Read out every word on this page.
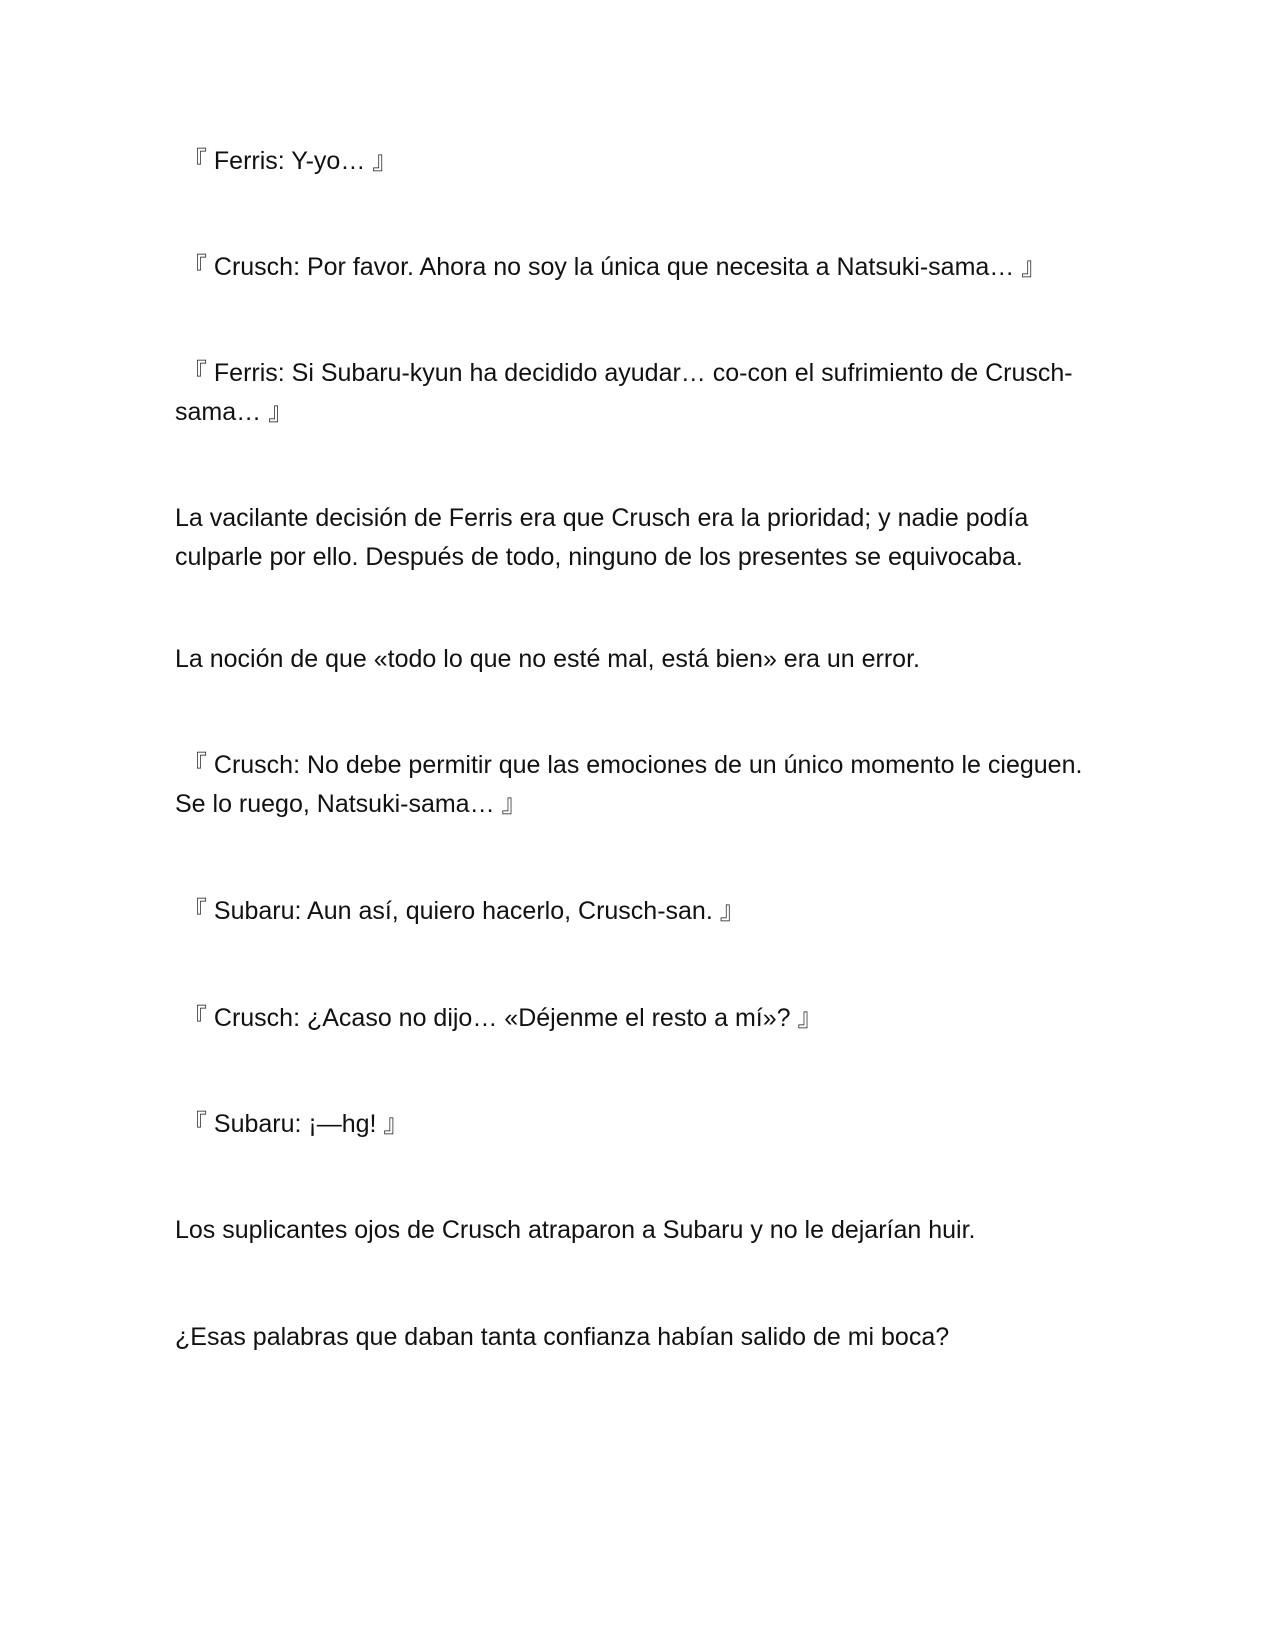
『 Ferris: Y-yo… 』

『 Crusch: Por favor. Ahora no soy la única que necesita a Natsuki-sama… 』

『 Ferris: Si Subaru-kyun ha decidido ayudar… co-con el sufrimiento de Crusch-sama… 』

La vacilante decisión de Ferris era que Crusch era la prioridad; y nadie podía culparle por ello. Después de todo, ninguno de los presentes se equivocaba.

La noción de que «todo lo que no esté mal, está bien» era un error.

『 Crusch: No debe permitir que las emociones de un único momento le cieguen. Se lo ruego, Natsuki-sama… 』

『 Subaru: Aun así, quiero hacerlo, Crusch-san. 』

『 Crusch: ¿Acaso no dijo… «Déjenme el resto a mí»? 』

『 Subaru: ¡—hg! 』

Los suplicantes ojos de Crusch atraparon a Subaru y no le dejarían huir.

¿Esas palabras que daban tanta confianza habían salido de mi boca?
